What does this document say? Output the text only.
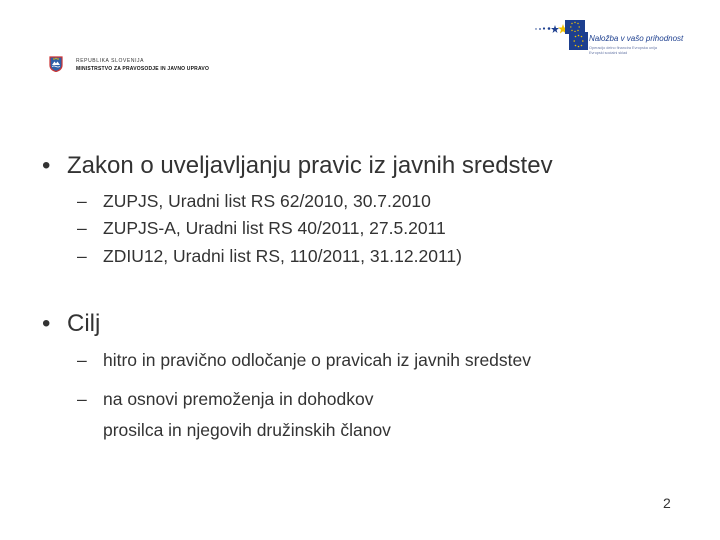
REPUBLIKA SLOVENIJA
MINISTRSTVO ZA PRAVOSODJE IN JAVNO UPRAVO
Naložba v vašo prihodnost
Operacijo delno financira Evropska unija
Evropski socialni sklad
• Zakon o uveljavljanju pravic iz javnih sredstev
– ZUPJS, Uradni list RS 62/2010, 30.7.2010
– ZUPJS-A, Uradni list RS 40/2011, 27.5.2011
– ZDIU12, Uradni list RS, 110/2011, 31.12.2011)
• Cilj
– hitro in pravično odločanje o pravicah iz javnih sredstev
– na osnovi premoženja in dohodkov
prosilca in njegovih družinskih članov
2
